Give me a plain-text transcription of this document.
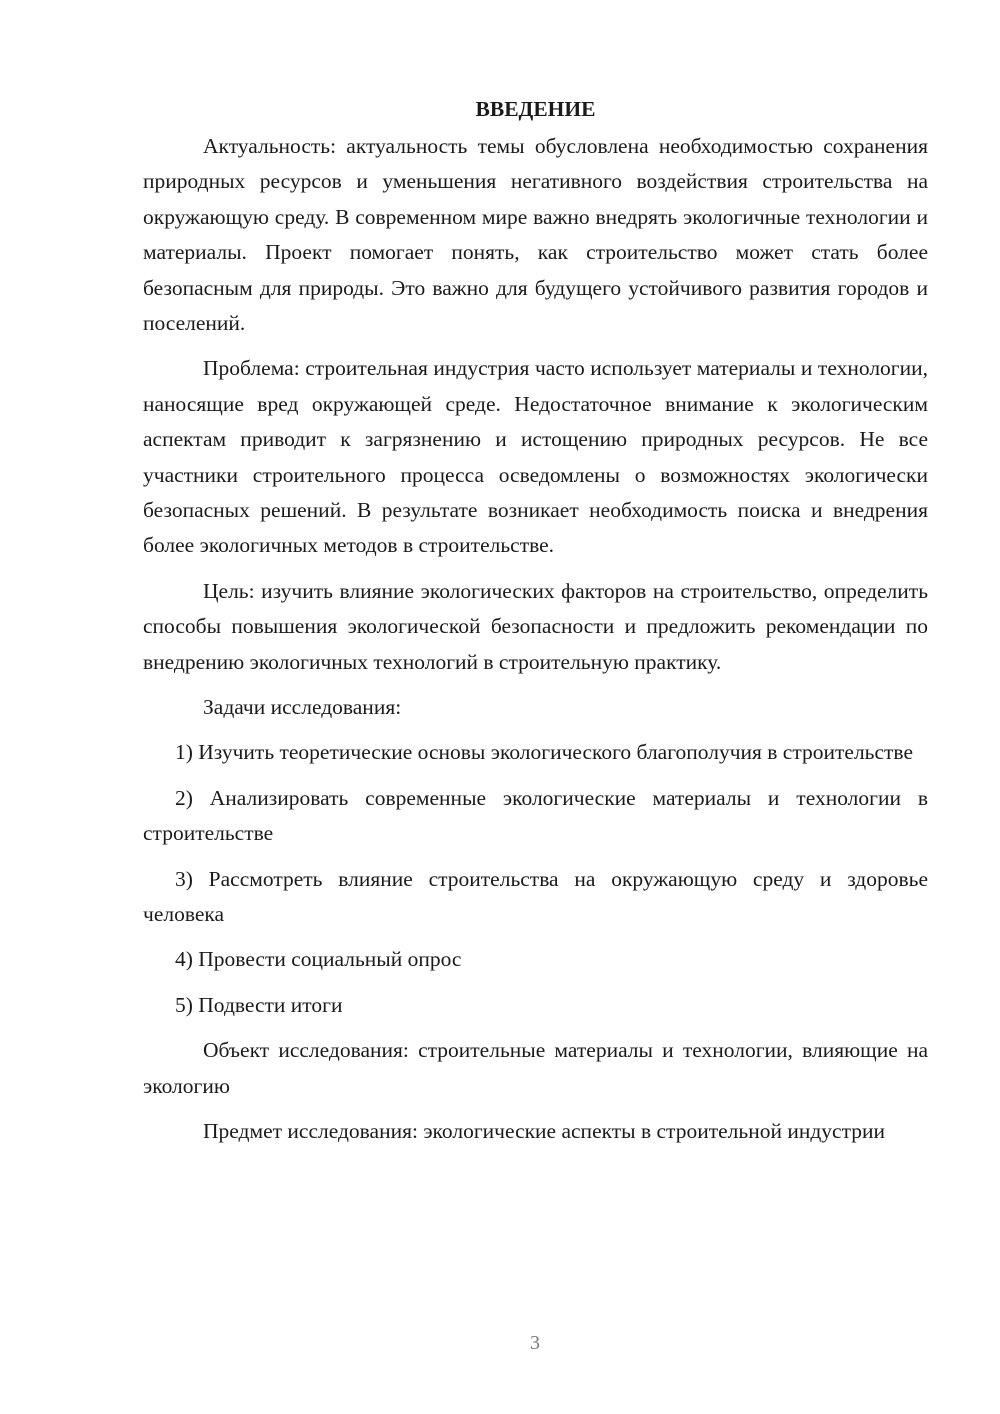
ВВЕДЕНИЕ

Актуальность: актуальность темы обусловлена необходимостью сохранения природных ресурсов и уменьшения негативного воздействия строительства на окружающую среду. В современном мире важно внедрять экологичные технологии и материалы. Проект помогает понять, как строительство может стать более безопасным для природы. Это важно для будущего устойчивого развития городов и поселений.

Проблема: строительная индустрия часто использует материалы и технологии, наносящие вред окружающей среде. Недостаточное внимание к экологическим аспектам приводит к загрязнению и истощению природных ресурсов. Не все участники строительного процесса осведомлены о возможностях экологически безопасных решений. В результате возникает необходимость поиска и внедрения более экологичных методов в строительстве.

Цель: изучить влияние экологических факторов на строительство, определить способы повышения экологической безопасности и предложить рекомендации по внедрению экологичных технологий в строительную практику.

Задачи исследования:

1) Изучить теоретические основы экологического благополучия в строительстве

2) Анализировать современные экологические материалы и технологии в строительстве

3) Рассмотреть влияние строительства на окружающую среду и здоровье человека

4) Провести социальный опрос

5) Подвести итоги

Объект исследования: строительные материалы и технологии, влияющие на экологию

Предмет исследования: экологические аспекты в строительной индустрии

3
